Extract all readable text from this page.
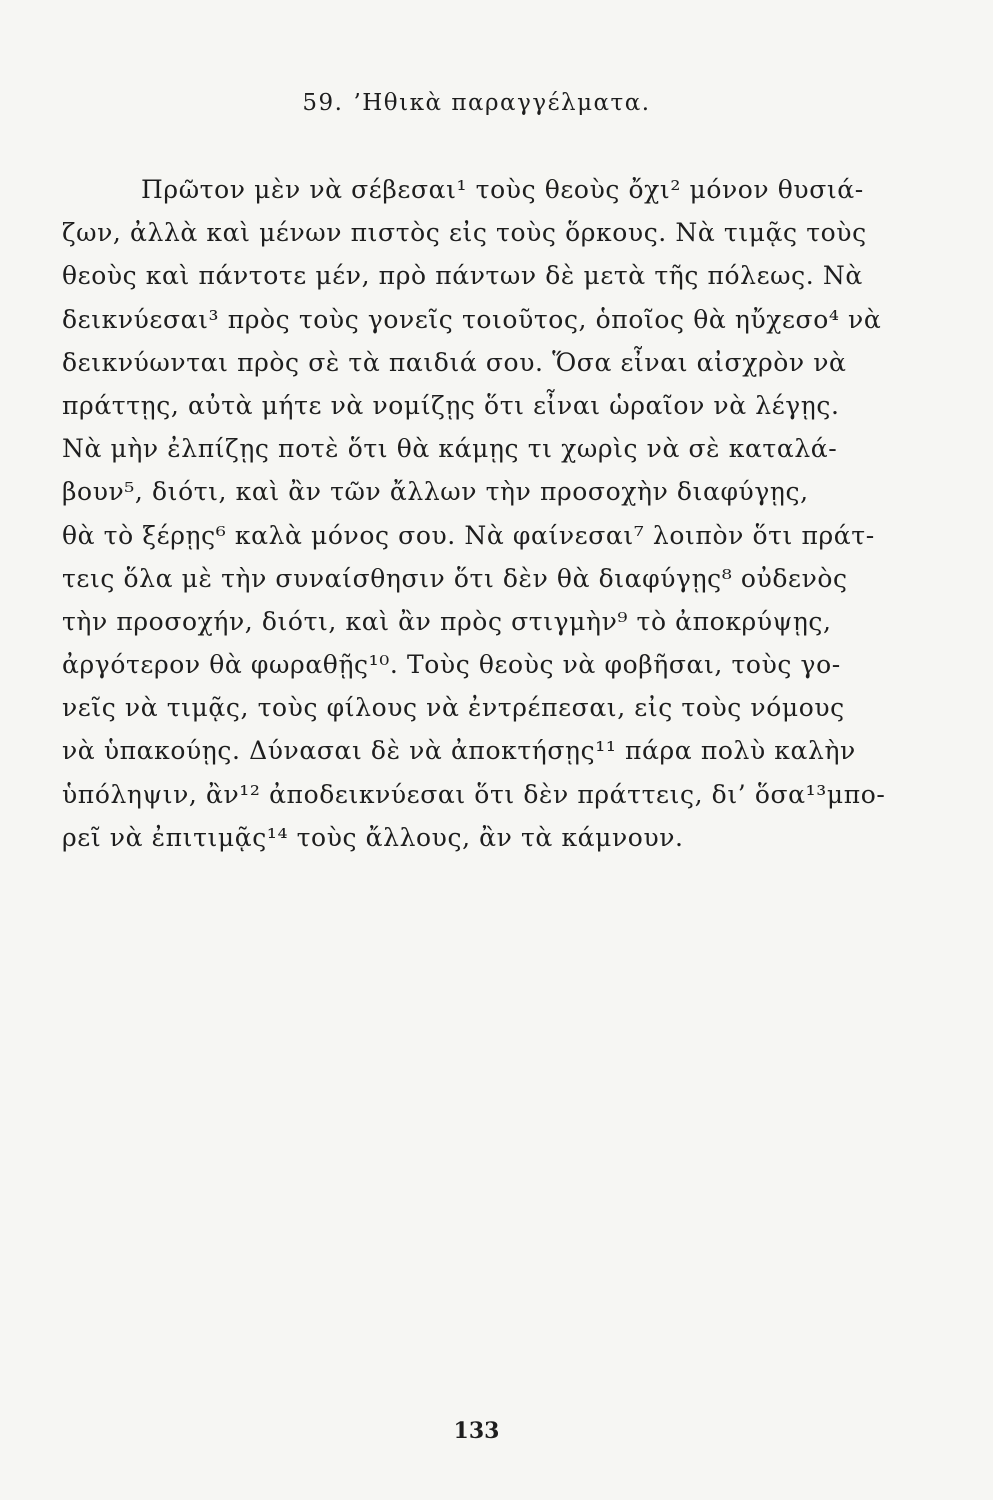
59. ’Ηθικὰ παραγγέλματα.
Πρῶτον μὲν νὰ σέβεσαι¹ τοὺς θεοὺς ὄχι² μόνον θυσιά-
ζων, ἀλλὰ καὶ μένων πιστὸς εἰς τοὺς ὅρκους. Νὰ τιμᾷς τοὺς
θεοὺς καὶ πάντοτε μέν, πρὸ πάντων δὲ μετὰ τῆς πόλεως. Νὰ
δεικνύεσαι³ πρὸς τοὺς γονεῖς τοιοῦτος, ὁποῖος θὰ ηὔχεσο⁴ νὰ
δεικνύωνται πρὸς σὲ τὰ παιδιά σου. Ὅσα εἶναι αἰσχρὸν νὰ
πράττῃς, αὐτὰ μήτε νὰ νομίζῃς ὅτι εἶναι ὡραῖον νὰ λέγῃς.
Νὰ μὴν ἐλπίζῃς ποτὲ ὅτι θὰ κάμῃς τι χωρὶς νὰ σὲ καταλά-
βουν⁵, διότι, καὶ ἂν τῶν ἄλλων τὴν προσοχὴν διαφύγῃς,
θὰ τὸ ξέρῃς⁶ καλὰ μόνος σου. Νὰ φαίνεσαι⁷ λοιπὸν ὅτι πράτ-
τεις ὅλα μὲ τὴν συναίσθησιν ὅτι δὲν θὰ διαφύγῃς⁸ οὐδενὸς
τὴν προσοχήν, διότι, καὶ ἂν πρὸς στιγμὴν⁹ τὸ ἀποκρύψῃς,
ἀργότερον θὰ φωραθῇς¹⁰. Τοὺς θεοὺς νὰ φοβῆσαι, τοὺς γο-
νεῖς νὰ τιμᾷς, τοὺς φίλους νὰ ἐντρέπεσαι, εἰς τοὺς νόμους
νὰ ὑπακούῃς. Δύνασαι δὲ νὰ ἀποκτήσῃς¹¹ πάρα πολὺ καλὴν
ὑπόληψιν, ἂν¹² ἀποδεικνύεσαι ὅτι δὲν πράττεις, δι’ ὅσα¹³μπο-
ρεῖ νὰ ἐπιτιμᾷς¹⁴ τοὺς ἄλλους, ἂν τὰ κάμνουν.
133
